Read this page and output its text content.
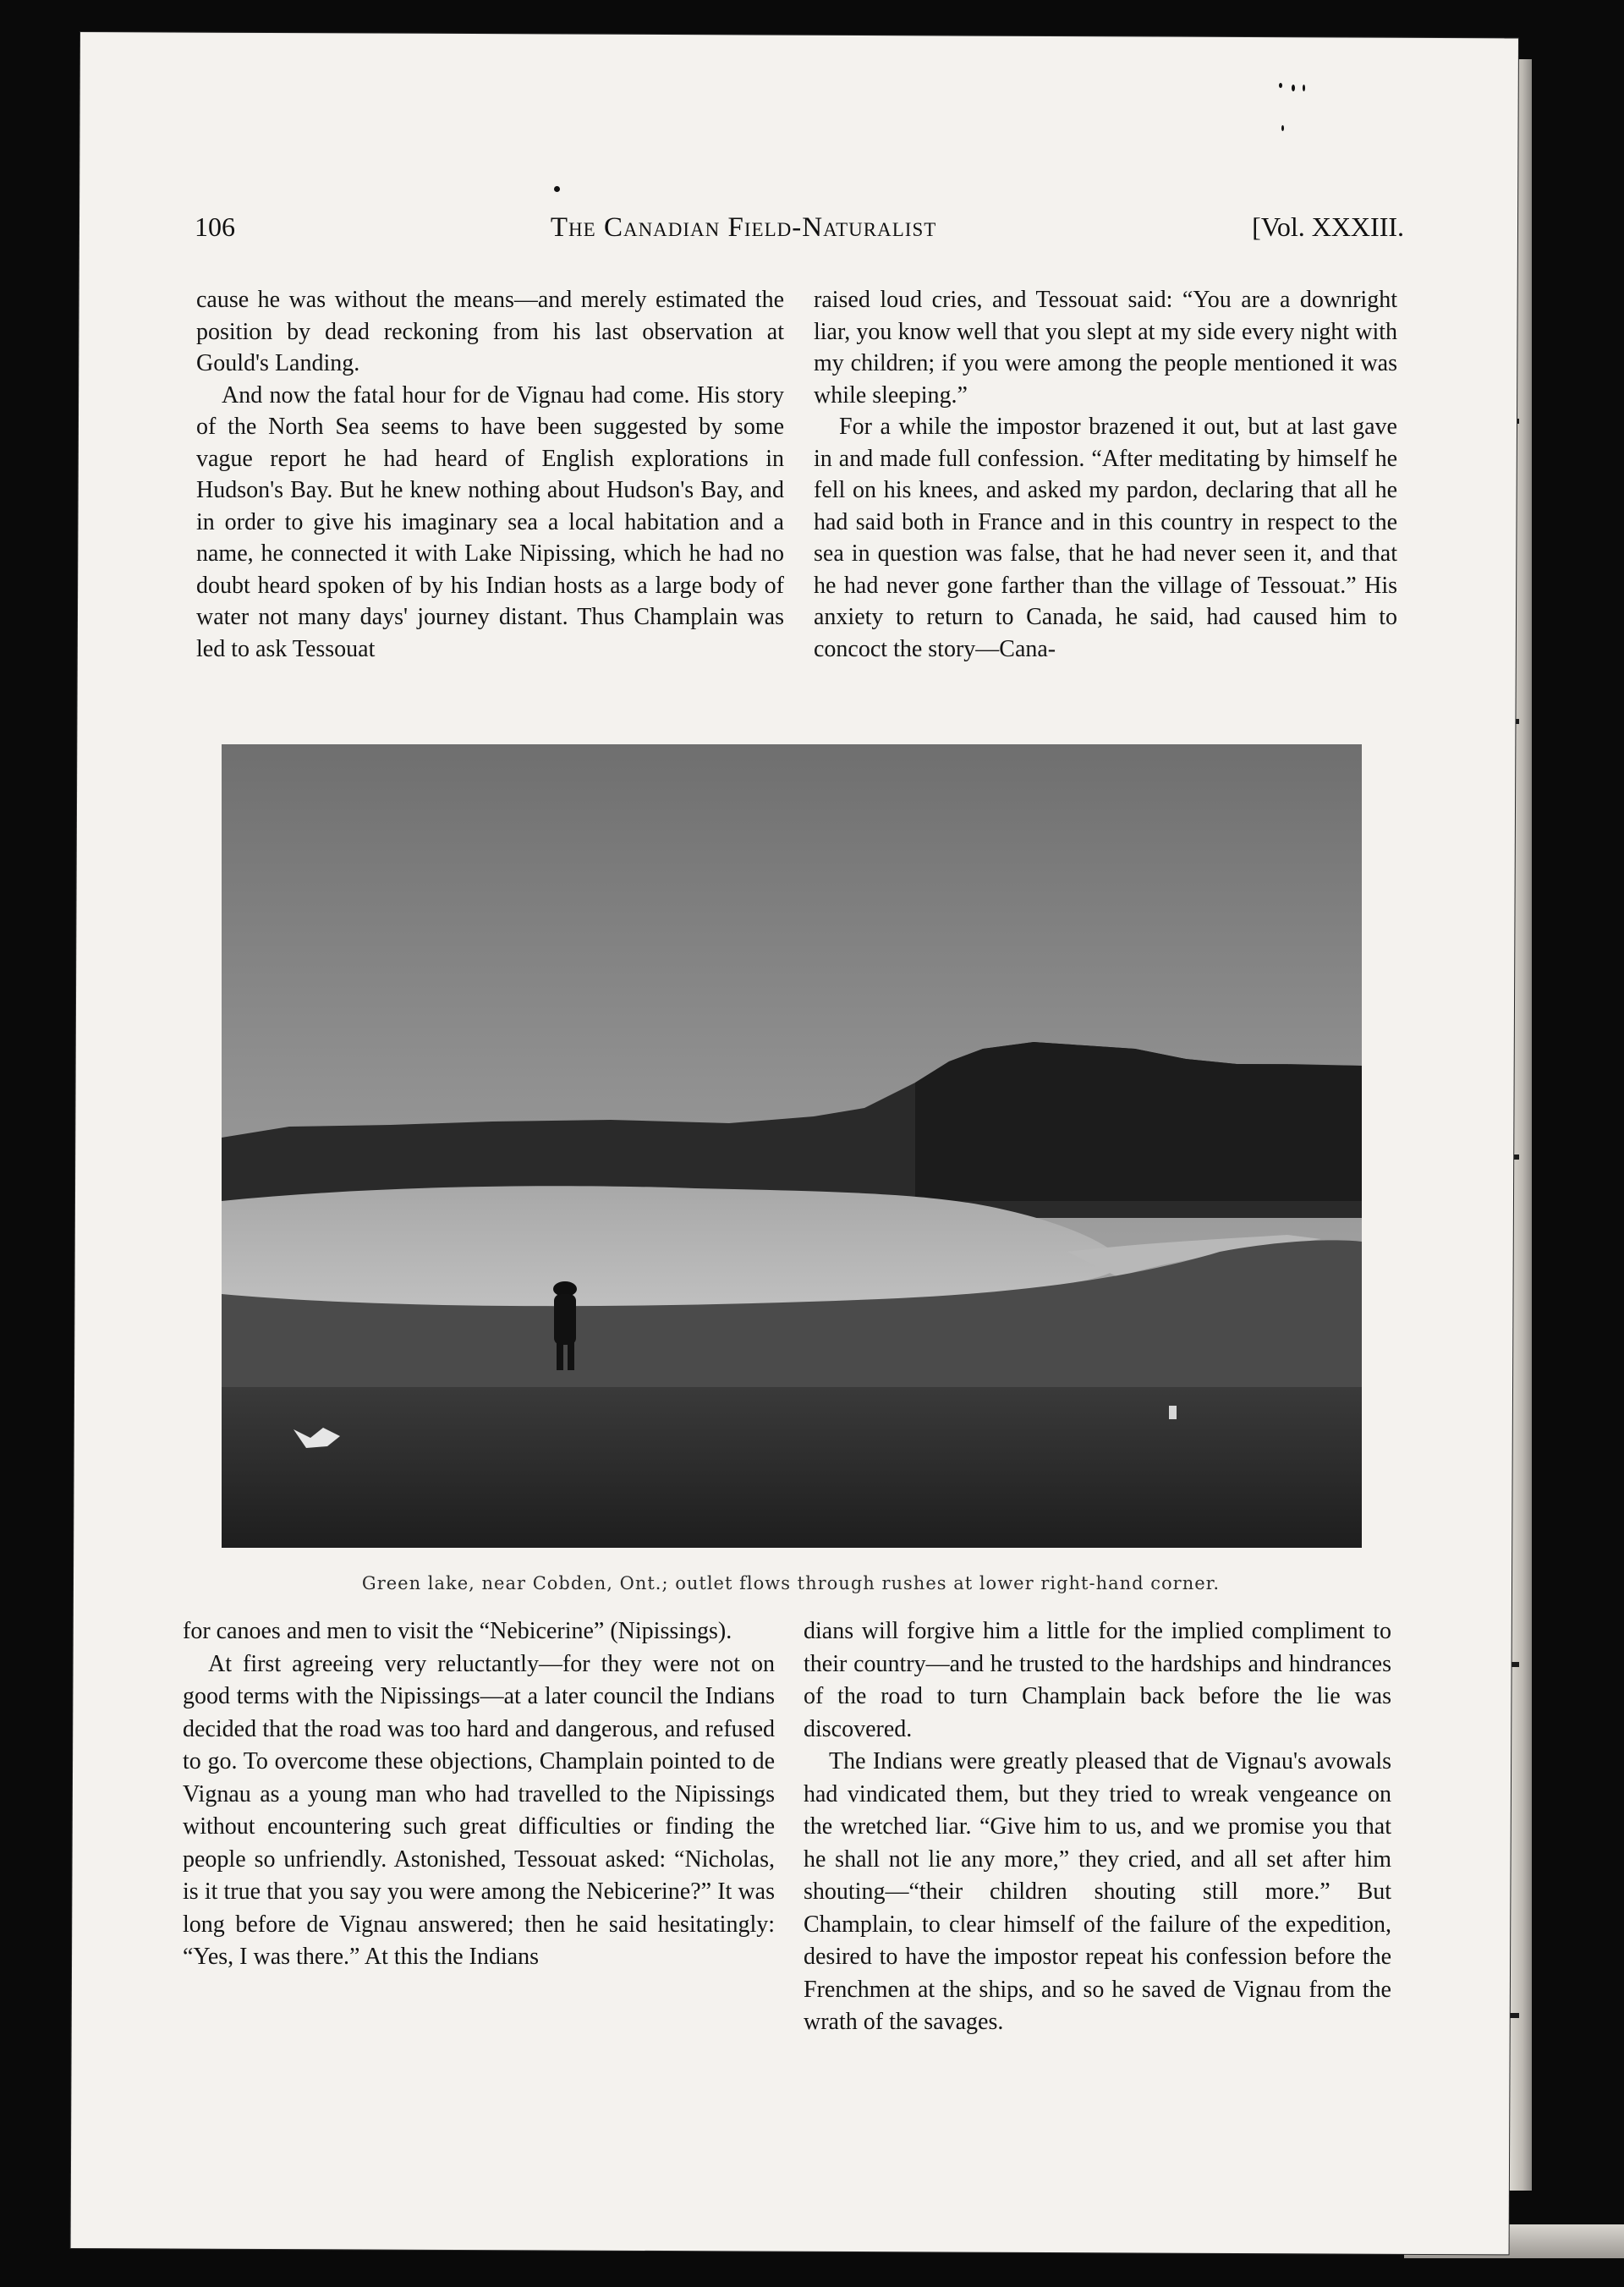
106	The Canadian Field-Naturalist	[Vol. XXXIII.

cause he was without the means—and merely estimated the position by dead reckoning from his last observation at Gould's Landing.

And now the fatal hour for de Vignau had come. His story of the North Sea seems to have been suggested by some vague report he had heard of English explorations in Hudson's Bay. But he knew nothing about Hudson's Bay, and in order to give his imaginary sea a local habitation and a name, he connected it with Lake Nipissing, which he had no doubt heard spoken of by his Indian hosts as a large body of water not many days' journey distant. Thus Champlain was led to ask Tessouat

raised loud cries, and Tessouat said: “You are a downright liar, you know well that you slept at my side every night with my children; if you were among the people mentioned it was while sleeping.”

For a while the impostor brazened it out, but at last gave in and made full confession. “After meditating by himself he fell on his knees, and asked my pardon, declaring that all he had said both in France and in this country in respect to the sea in question was false, that he had never seen it, and that he had never gone farther than the village of Tessouat.” His anxiety to return to Canada, he said, had caused him to concoct the story—Cana-

Green lake, near Cobden, Ont.; outlet flows through rushes at lower right-hand corner.

for canoes and men to visit the “Nebicerine” (Nipissings).

At first agreeing very reluctantly—for they were not on good terms with the Nipissings—at a later council the Indians decided that the road was too hard and dangerous, and refused to go. To overcome these objections, Champlain pointed to de Vignau as a young man who had travelled to the Nipissings without encountering such great difficulties or finding the people so unfriendly. Astonished, Tessouat asked: “Nicholas, is it true that you say you were among the Nebicerine?” It was long before de Vignau answered; then he said hesitatingly: “Yes, I was there.” At this the Indians

dians will forgive him a little for the implied compliment to their country—and he trusted to the hardships and hindrances of the road to turn Champlain back before the lie was discovered.

The Indians were greatly pleased that de Vignau's avowals had vindicated them, but they tried to wreak vengeance on the wretched liar. “Give him to us, and we promise you that he shall not lie any more,” they cried, and all set after him shouting—“their children shouting still more.” But Champlain, to clear himself of the failure of the expedition, desired to have the impostor repeat his confession before the Frenchmen at the ships, and so he saved de Vignau from the wrath of the savages.
